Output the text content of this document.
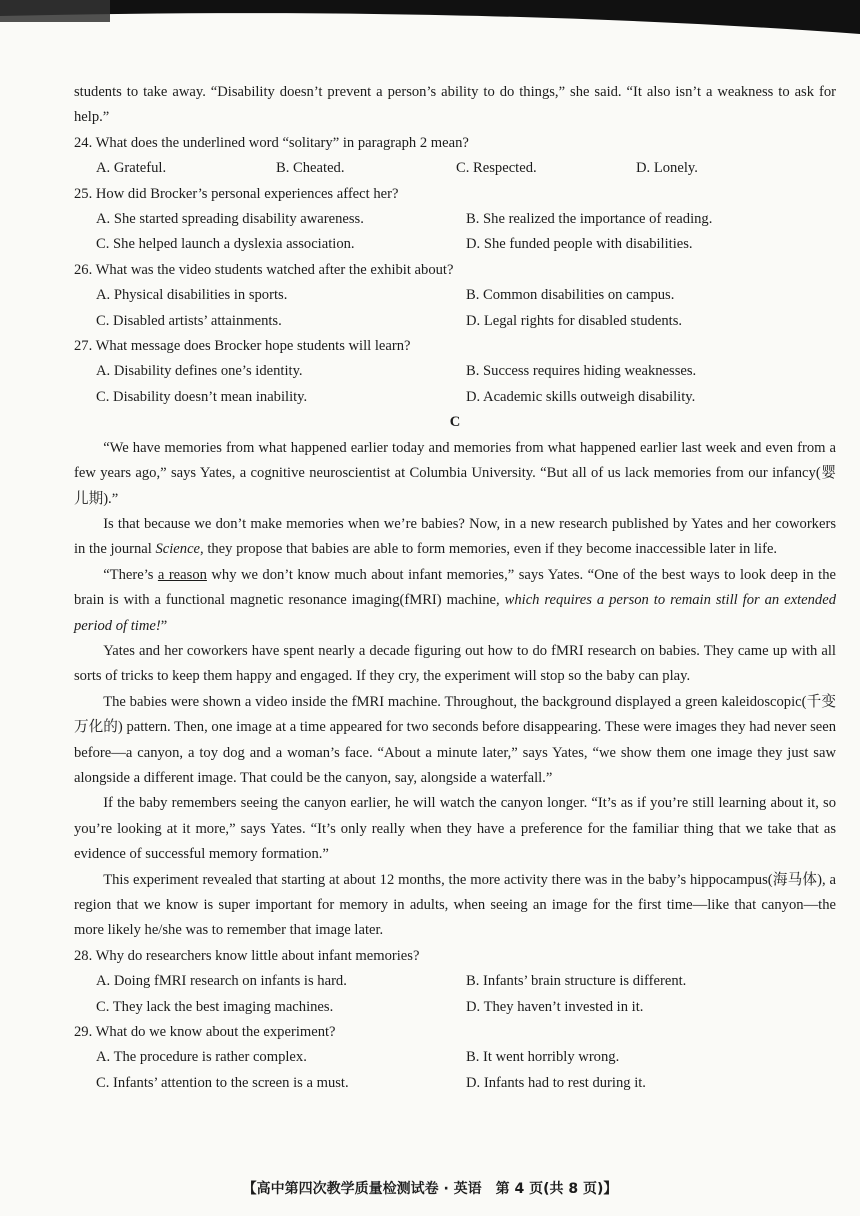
students to take away. “Disability doesn’t prevent a person’s ability to do things,” she said. “It also isn’t a weakness to ask for help.”

24. What does the underlined word “solitary” in paragraph 2 mean?

A. Grateful.	B. Cheated.	C. Respected.	D. Lonely.

25. How did Brocker’s personal experiences affect her?

A. She started spreading disability awareness.	B. She realized the importance of reading.
C. She helped launch a dyslexia association.	D. She funded people with disabilities.

26. What was the video students watched after the exhibit about?

A. Physical disabilities in sports.	B. Common disabilities on campus.
C. Disabled artists’ attainments.	D. Legal rights for disabled students.

27. What message does Brocker hope students will learn?

A. Disability defines one’s identity.	B. Success requires hiding weaknesses.
C. Disability doesn’t mean inability.	D. Academic skills outweigh disability.

C

“We have memories from what happened earlier today and memories from what happened earlier last week and even from a few years ago,” says Yates, a cognitive neuroscientist at Columbia University. “But all of us lack memories from our infancy(婴儿期).”

Is that because we don’t make memories when we’re babies? Now, in a new research published by Yates and her coworkers in the journal Science, they propose that babies are able to form memories, even if they become inaccessible later in life.

“There’s a reason why we don’t know much about infant memories,” says Yates. “One of the best ways to look deep in the brain is with a functional magnetic resonance imaging(fMRI) machine, which requires a person to remain still for an extended period of time!”

Yates and her coworkers have spent nearly a decade figuring out how to do fMRI research on babies. They came up with all sorts of tricks to keep them happy and engaged. If they cry, the experiment will stop so the baby can play.

The babies were shown a video inside the fMRI machine. Throughout, the background displayed a green kaleidoscopic(千变万化的) pattern. Then, one image at a time appeared for two seconds before disappearing. These were images they had never seen before—a canyon, a toy dog and a woman’s face. “About a minute later,” says Yates, “we show them one image they just saw alongside a different image. That could be the canyon, say, alongside a waterfall.”

If the baby remembers seeing the canyon earlier, he will watch the canyon longer. “It’s as if you’re still learning about it, so you’re looking at it more,” says Yates. “It’s only really when they have a preference for the familiar thing that we take that as evidence of successful memory formation.”

This experiment revealed that starting at about 12 months, the more activity there was in the baby’s hippocampus(海马体), a region that we know is super important for memory in adults, when seeing an image for the first time—like that canyon—the more likely he/she was to remember that image later.

28. Why do researchers know little about infant memories?

A. Doing fMRI research on infants is hard.	B. Infants’ brain structure is different.
C. They lack the best imaging machines.	D. They haven’t invested in it.

29. What do we know about the experiment?

A. The procedure is rather complex.	B. It went horribly wrong.
C. Infants’ attention to the screen is a must.	D. Infants had to rest during it.
【高中第四次教学质量检测试卷 · 英语　第 4 页(共 8 页)】
